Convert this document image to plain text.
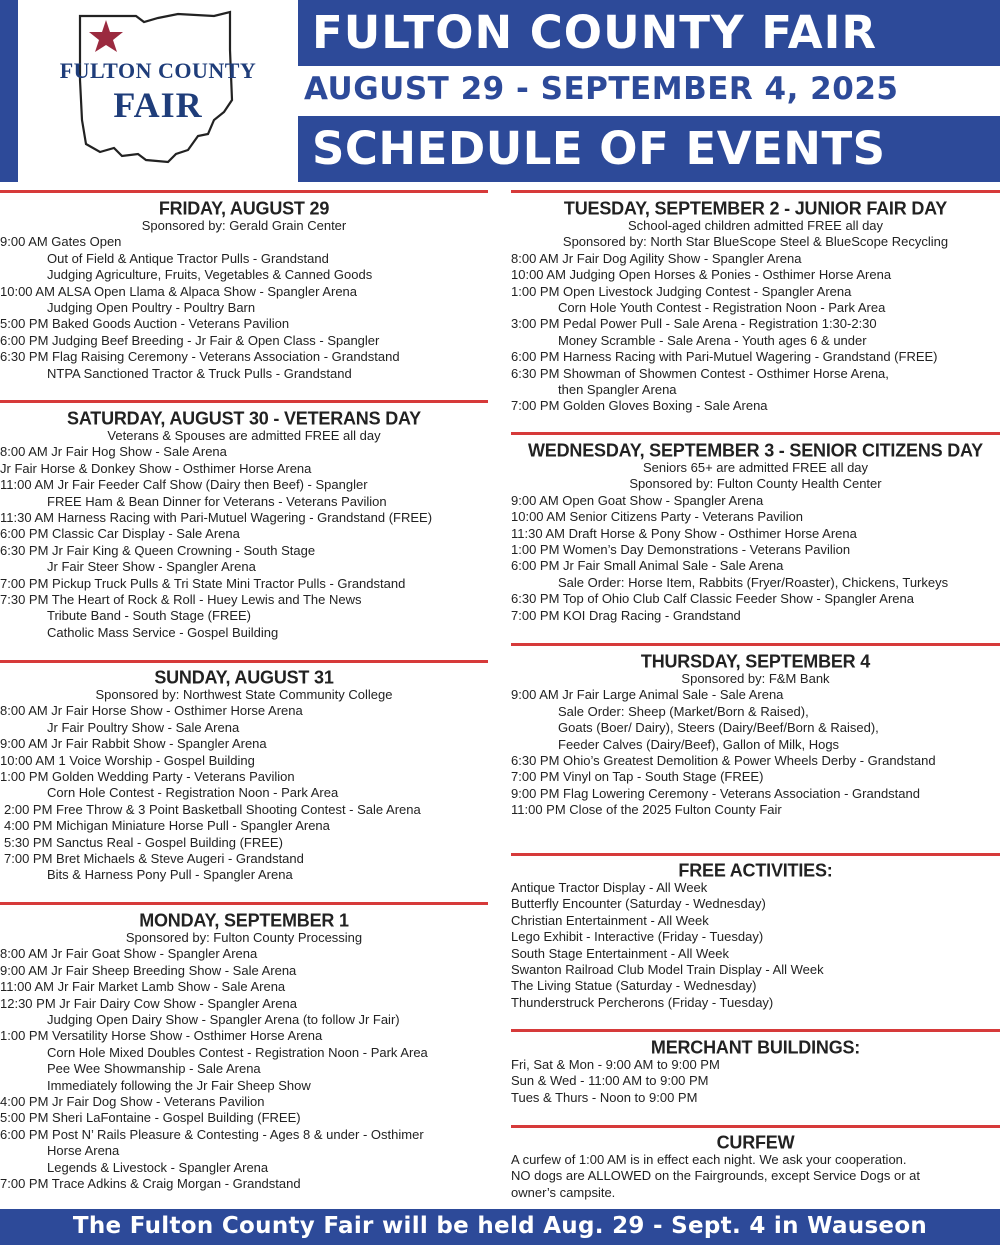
FULTON COUNTY
FAIR
FULTON COUNTY FAIR
AUGUST 29 - SEPTEMBER 4, 2025
SCHEDULE OF EVENTS
FRIDAY, AUGUST 29
Sponsored by: Gerald Grain Center
9:00 AM Gates Open
Out of Field & Antique Tractor Pulls - Grandstand
Judging Agriculture, Fruits, Vegetables & Canned Goods
10:00 AM ALSA Open Llama & Alpaca Show - Spangler Arena
Judging Open Poultry - Poultry Barn
5:00 PM Baked Goods Auction - Veterans Pavilion
6:00 PM Judging Beef Breeding - Jr Fair & Open Class - Spangler
6:30 PM Flag Raising Ceremony - Veterans Association - Grandstand
NTPA Sanctioned Tractor & Truck Pulls - Grandstand
SATURDAY, AUGUST 30 - VETERANS DAY
Veterans & Spouses are admitted FREE all day
8:00 AM Jr Fair Hog Show - Sale Arena
Jr Fair Horse & Donkey Show - Osthimer Horse Arena
11:00 AM Jr Fair Feeder Calf Show (Dairy then Beef) - Spangler
FREE Ham & Bean Dinner for Veterans - Veterans Pavilion
11:30 AM Harness Racing with Pari-Mutuel Wagering - Grandstand (FREE)
6:00 PM Classic Car Display - Sale Arena
6:30 PM Jr Fair King & Queen Crowning - South Stage
Jr Fair Steer Show - Spangler Arena
7:00 PM Pickup Truck Pulls & Tri State Mini Tractor Pulls - Grandstand
7:30 PM The Heart of Rock & Roll - Huey Lewis and The News
Tribute Band - South Stage (FREE)
Catholic Mass Service - Gospel Building
SUNDAY, AUGUST 31
Sponsored by: Northwest State Community College
8:00 AM Jr Fair Horse Show - Osthimer Horse Arena
Jr Fair Poultry Show - Sale Arena
9:00 AM Jr Fair Rabbit Show - Spangler Arena
10:00 AM 1 Voice Worship - Gospel Building
1:00 PM Golden Wedding Party - Veterans Pavilion
Corn Hole Contest - Registration Noon - Park Area
2:00 PM Free Throw & 3 Point Basketball Shooting Contest - Sale Arena
4:00 PM Michigan Miniature Horse Pull - Spangler Arena
5:30 PM Sanctus Real - Gospel Building (FREE)
7:00 PM Bret Michaels & Steve Augeri - Grandstand
Bits & Harness Pony Pull - Spangler Arena
MONDAY, SEPTEMBER 1
Sponsored by: Fulton County Processing
8:00 AM Jr Fair Goat Show - Spangler Arena
9:00 AM Jr Fair Sheep Breeding Show - Sale Arena
11:00 AM Jr Fair Market Lamb Show - Sale Arena
12:30 PM Jr Fair Dairy Cow Show - Spangler Arena
Judging Open Dairy Show - Spangler Arena (to follow Jr Fair)
1:00 PM Versatility Horse Show - Osthimer Horse Arena
Corn Hole Mixed Doubles Contest - Registration Noon - Park Area
Pee Wee Showmanship - Sale Arena
Immediately following the Jr Fair Sheep Show
4:00 PM Jr Fair Dog Show - Veterans Pavilion
5:00 PM Sheri LaFontaine - Gospel Building (FREE)
6:00 PM Post N’ Rails Pleasure & Contesting - Ages 8 & under - Osthimer
Horse Arena
Legends & Livestock - Spangler Arena
7:00 PM Trace Adkins & Craig Morgan - Grandstand
TUESDAY, SEPTEMBER 2 - JUNIOR FAIR DAY
School-aged children admitted FREE all day
Sponsored by: North Star BlueScope Steel & BlueScope Recycling
8:00 AM Jr Fair Dog Agility Show - Spangler Arena
10:00 AM Judging Open Horses & Ponies - Osthimer Horse Arena
1:00 PM Open Livestock Judging Contest - Spangler Arena
Corn Hole Youth Contest - Registration Noon - Park Area
3:00 PM Pedal Power Pull - Sale Arena - Registration 1:30-2:30
Money Scramble - Sale Arena - Youth ages 6 & under
6:00 PM Harness Racing with Pari-Mutuel Wagering - Grandstand (FREE)
6:30 PM Showman of Showmen Contest - Osthimer Horse Arena,
then Spangler Arena
7:00 PM Golden Gloves Boxing - Sale Arena
WEDNESDAY, SEPTEMBER 3 - SENIOR CITIZENS DAY
Seniors 65+ are admitted FREE all day
Sponsored by: Fulton County Health Center
9:00 AM Open Goat Show - Spangler Arena
10:00 AM Senior Citizens Party - Veterans Pavilion
11:30 AM Draft Horse & Pony Show - Osthimer Horse Arena
1:00 PM Women’s Day Demonstrations - Veterans Pavilion
6:00 PM Jr Fair Small Animal Sale - Sale Arena
Sale Order: Horse Item, Rabbits (Fryer/Roaster), Chickens, Turkeys
6:30 PM Top of Ohio Club Calf Classic Feeder Show - Spangler Arena
7:00 PM KOI Drag Racing - Grandstand
THURSDAY, SEPTEMBER 4
Sponsored by: F&M Bank
9:00 AM Jr Fair Large Animal Sale - Sale Arena
Sale Order: Sheep (Market/Born & Raised),
Goats (Boer/ Dairy), Steers (Dairy/Beef/Born & Raised),
Feeder Calves (Dairy/Beef), Gallon of Milk, Hogs
6:30 PM Ohio’s Greatest Demolition & Power Wheels Derby - Grandstand
7:00 PM Vinyl on Tap - South Stage (FREE)
9:00 PM Flag Lowering Ceremony - Veterans Association - Grandstand
11:00 PM Close of the 2025 Fulton County Fair
FREE ACTIVITIES:
Antique Tractor Display - All Week
Butterfly Encounter (Saturday - Wednesday)
Christian Entertainment - All Week
Lego Exhibit - Interactive (Friday - Tuesday)
South Stage Entertainment - All Week
Swanton Railroad Club Model Train Display - All Week
The Living Statue (Saturday - Wednesday)
Thunderstruck Percherons (Friday - Tuesday)
MERCHANT BUILDINGS:
Fri, Sat & Mon - 9:00 AM to 9:00 PM
Sun & Wed - 11:00 AM to 9:00 PM
Tues & Thurs - Noon to 9:00 PM
CURFEW
A curfew of 1:00 AM is in effect each night. We ask your cooperation.
NO dogs are ALLOWED on the Fairgrounds, except Service Dogs or at
owner’s campsite.
The Fulton County Fair will be held Aug. 29 - Sept. 4 in Wauseon
